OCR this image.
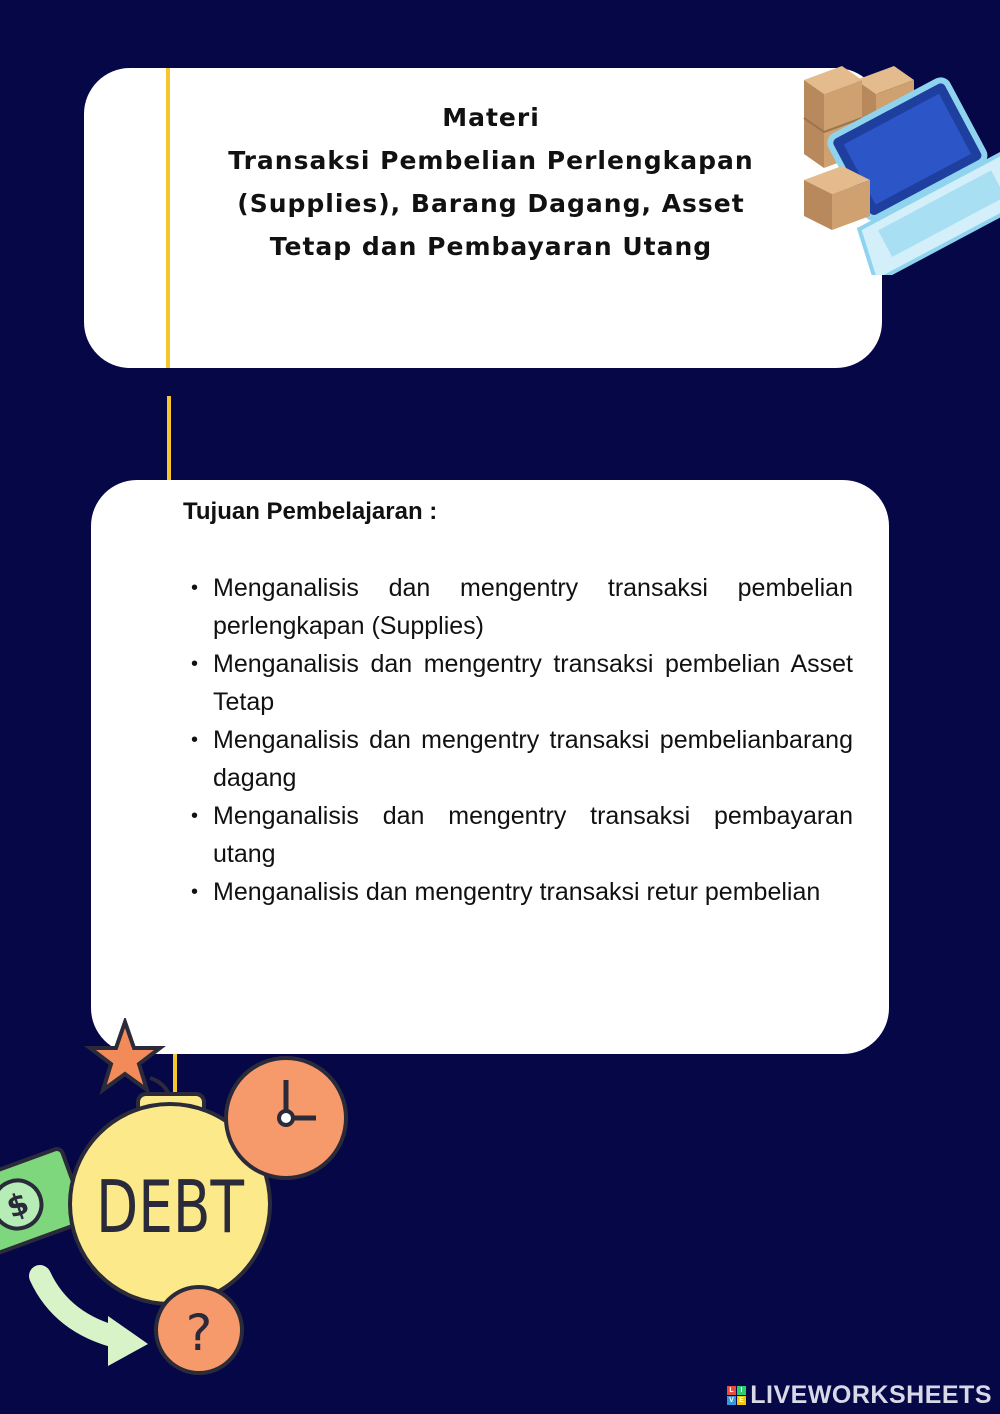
Materi
Transaksi Pembelian Perlengkapan
(Supplies), Barang Dagang, Asset
Tetap dan Pembayaran Utang
Tujuan Pembelajaran :
• Menganalisis dan mengentry transaksi pembelian perlengkapan (Supplies)
• Menganalisis dan mengentry transaksi pembelian Asset Tetap
• Menganalisis dan mengentry transaksi pembelianbarang dagang
• Menganalisis dan mengentry transaksi pembayaran utang
• Menganalisis dan mengentry transaksi retur pembelian
$ DEBT
?
L I
V E LIVEWORKSHEETS
